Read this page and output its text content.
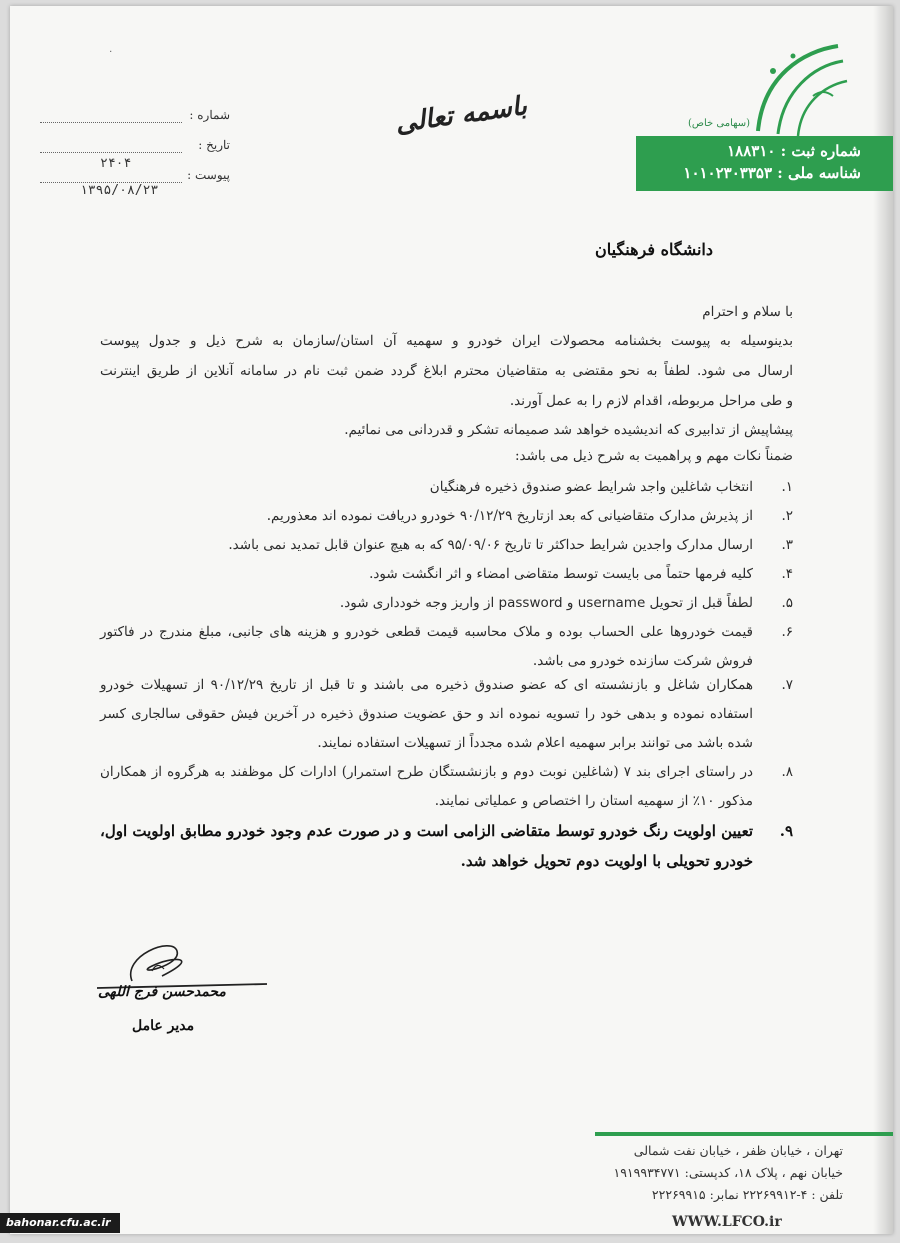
۰
(سهامی خاص)
شماره ثبت : ۱۸۸۳۱۰
شناسه ملی : ۱۰۱۰۲۳۰۳۳۵۳
باسمه تعالی
شماره :
تاریخ :
پیوست :
۲۴۰۴
۱۳۹۵/۰۸/۲۳
دانشگاه فرهنگیان
با سلام و احترام
بدینوسیله به پیوست بخشنامه محصولات ایران خودرو و سهمیه آن استان/سازمان به شرح ذیل و جدول پیوست
ارسال می شود. لطفاً به نحو مقتضی به متقاضیان محترم ابلاغ گردد ضمن ثبت نام در سامانه آنلاین از طریق اینترنت
و طی مراحل مربوطه، اقدام لازم را به عمل آورند.
پیشاپیش از تدابیری که اندیشیده خواهد شد صمیمانه تشکر و قدردانی می نمائیم.
ضمناً نکات مهم و پراهمیت به شرح ذیل می باشد:
۱.
انتخاب شاغلین واجد شرایط عضو صندوق ذخیره فرهنگیان
۲.
از پذیرش مدارک متقاضیانی که بعد ازتاریخ ۹۰/۱۲/۲۹ خودرو دریافت نموده اند معذوریم.
۳.
ارسال مدارک واجدین شرایط حداکثر تا تاریخ ۹۵/۰۹/۰۶ که به هیچ عنوان قابل تمدید نمی باشد.
۴.
کلیه فرمها حتماً می بایست توسط متقاضی امضاء و اثر انگشت شود.
۵.
لطفاً قبل از تحویل username و password از واریز وجه خودداری شود.
۶.
قیمت خودروها علی الحساب بوده و ملاک محاسبه قیمت قطعی خودرو و هزینه های جانبی، مبلغ مندرج در فاکتور فروش شرکت سازنده خودرو می باشد.
۷.
همکاران شاغل و بازنشسته ای که عضو صندوق ذخیره می باشند و تا قبل از تاریخ ۹۰/۱۲/۲۹ از تسهیلات خودرو استفاده نموده و بدهی خود را تسویه نموده اند و حق عضویت صندوق ذخیره در آخرین فیش حقوقی سالجاری کسر شده باشد می توانند برابر سهمیه اعلام شده مجدداً از تسهیلات استفاده نمایند.
۸.
در راستای اجرای بند ۷ (شاغلین نوبت دوم و بازنشستگان طرح استمرار) ادارات کل موظفند به هرگروه از همکاران مذکور ۱۰٪ از سهمیه استان را اختصاص و عملیاتی نمایند.
۹.
تعیین اولویت رنگ خودرو توسط متقاضی الزامی است و در صورت عدم وجود خودرو مطابق اولویت اول، خودرو تحویلی با اولویت دوم تحویل خواهد شد.
محمدحسن فرج اللهی
مدیر عامل
تهران ، خیابان ظفر ، خیابان نفت شمالی
خیابان نهم ، پلاک ۱۸، کدپستی: ۱۹۱۹۹۳۴۷۷۱
تلفن : ۴-۲۲۲۶۹۹۱۲ نمابر: ۲۲۲۶۹۹۱۵
WWW.LFCO.ir
bahonar.cfu.ac.ir
